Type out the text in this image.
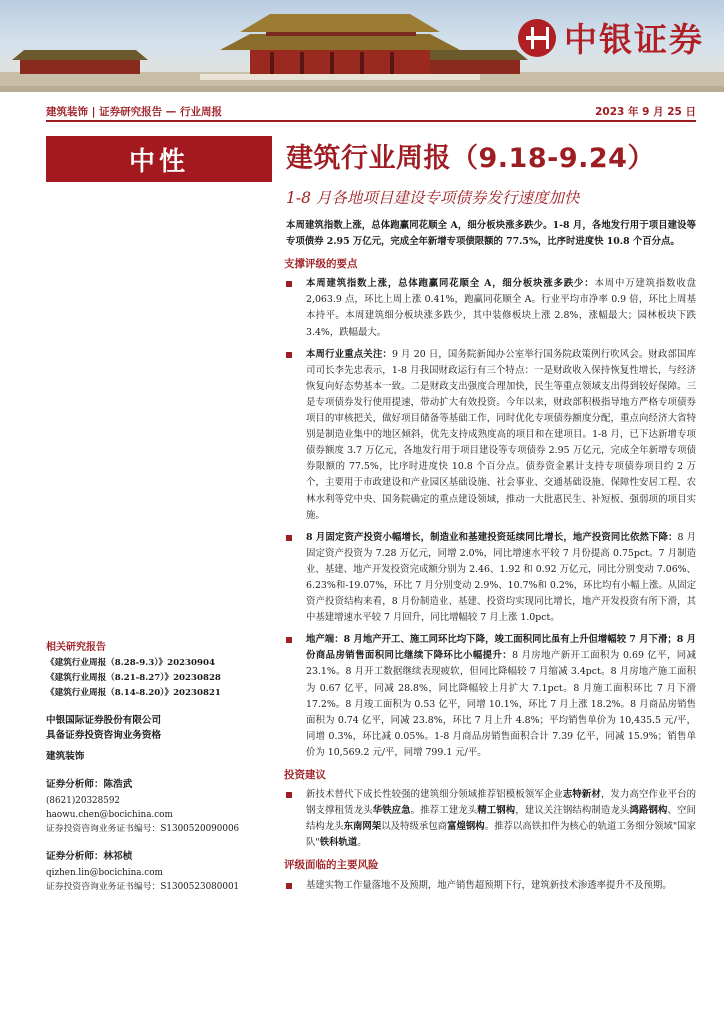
中银证券
建筑装饰 | 证券研究报告 — 行业周报	2023 年 9 月 25 日
中性
相关研究报告
《建筑行业周报（8.28-9.3）》20230904
《建筑行业周报（8.21-8.27）》20230828
《建筑行业周报（8.14-8.20）》20230821
中银国际证券股份有限公司
具备证券投资咨询业务资格
建筑装饰
证券分析师：陈浩武
(8621)20328592
haowu.chen@bocichina.com
证券投资咨询业务证书编号：S1300520090006
证券分析师：林祁桢
qizhen.lin@bocichina.com
证券投资咨询业务证书编号：S1300523080001
建筑行业周报（9.18-9.24）
1-8 月各地项目建设专项债券发行速度加快

本周建筑指数上涨，总体跑赢同花顺全 A，细分板块涨多跌少。1-8 月，各地发行用于项目建设等专项债券 2.95 万亿元，完成全年新增专项债限额的 77.5%，比序时进度快 10.8 个百分点。

支撑评级的要点
本周建筑指数上涨，总体跑赢同花顺全 A，细分板块涨多跌少：本周中万建筑指数收盘 2,063.9 点，环比上周上涨 0.41%，跑赢同花顺全 A。行业平均市净率 0.9 倍，环比上周基本持平。本周建筑细分板块涨多跌少，其中装修板块上涨 2.8%，涨幅最大；园林板块下跌 3.4%，跌幅最大。
本周行业重点关注：9 月 20 日，国务院新闻办公室举行国务院政策例行吹风会。财政部国库司司长李先忠表示，1-8 月我国财政运行有三个特点：一是财政收入保持恢复性增长，与经济恢复向好态势基本一致。二是财政支出强度合理加快，民生等重点领域支出得到较好保障。三是专项债券发行使用提速，带动扩大有效投资。今年以来，财政部积极指导地方严格专项债券项目的审核把关，做好项目储备等基础工作，同时优化专项债券额度分配，重点向经济大省特别是制造业集中的地区倾斜，优先支持成熟度高的项目和在建项目。1-8 月，已下达新增专项债券额度 3.7 万亿元，各地发行用于项目建设等专项债券 2.95 万亿元，完成全年新增专项债券限额的 77.5%，比序时进度快 10.8 个百分点。债券资金累计支持专项债券项目约 2 万个，主要用于市政建设和产业园区基础设施、社会事业、交通基础设施、保障性安居工程、农林水利等党中央、国务院确定的重点建设领域，推动一大批惠民生、补短板、强弱项的项目实施。
8 月固定资产投资小幅增长，制造业和基建投资延续同比增长，地产投资同比依然下降：8 月固定资产投资为 7.28 万亿元，同增 2.0%，同比增速水平较 7 月份提高 0.75pct。7 月制造业、基建、地产开发投资完成额分别为 2.46、1.92 和 0.92 万亿元，同比分别变动 7.06%、6.23%和-19.07%，环比 7 月分别变动 2.9%、10.7%和 0.2%，环比均有小幅上涨。从固定资产投资结构来看，8 月份制造业、基建、投资均实现同比增长，地产开发投资有所下滑，其中基建增速水平较 7 月回升，同比增幅较 7 月上涨 1.0pct。
地产端：8 月地产开工、施工同环比均下降，竣工面积同比虽有上升但增幅较 7 月下滑；8 月份商品房销售面积同比继续下降环比小幅提升：8 月房地产新开工面积为 0.69 亿平，同减 23.1%。8 月开工数据继续表现疲软，但同比降幅较 7 月缩减 3.4pct。8 月房地产施工面积为 0.67 亿平，同减 28.8%，同比降幅较上月扩大 7.1pct。8 月施工面积环比 7 月下滑 17.2%。8 月竣工面积为 0.53 亿平，同增 10.1%，环比 7 月上涨 18.2%。8 月商品房销售面积为 0.74 亿平，同减 23.8%，环比 7 月上升 4.8%；平均销售单价为 10,435.5 元/平，同增 0.3%，环比减 0.05%。1-8 月商品房销售面积合计 7.39 亿平，同减 15.9%；销售单价为 10,569.2 元/平，同增 799.1 元/平。
投资建议
新技术替代下成长性较强的建筑细分领域推荐铝模板领军企业志特新材，发力高空作业平台的钢支撑租赁龙头华铁应急。推荐工建龙头精工钢构，建议关注钢结构制造龙头鸿路钢构、空间结构龙头东南网架以及特级承包商富煌钢构。推荐以高铁扣件为核心的轨道工务细分领域"国家队"铁科轨道。
评级面临的主要风险
基建实物工作量落地不及预期，地产销售超预期下行，建筑新技术渗透率提升不及预期。
